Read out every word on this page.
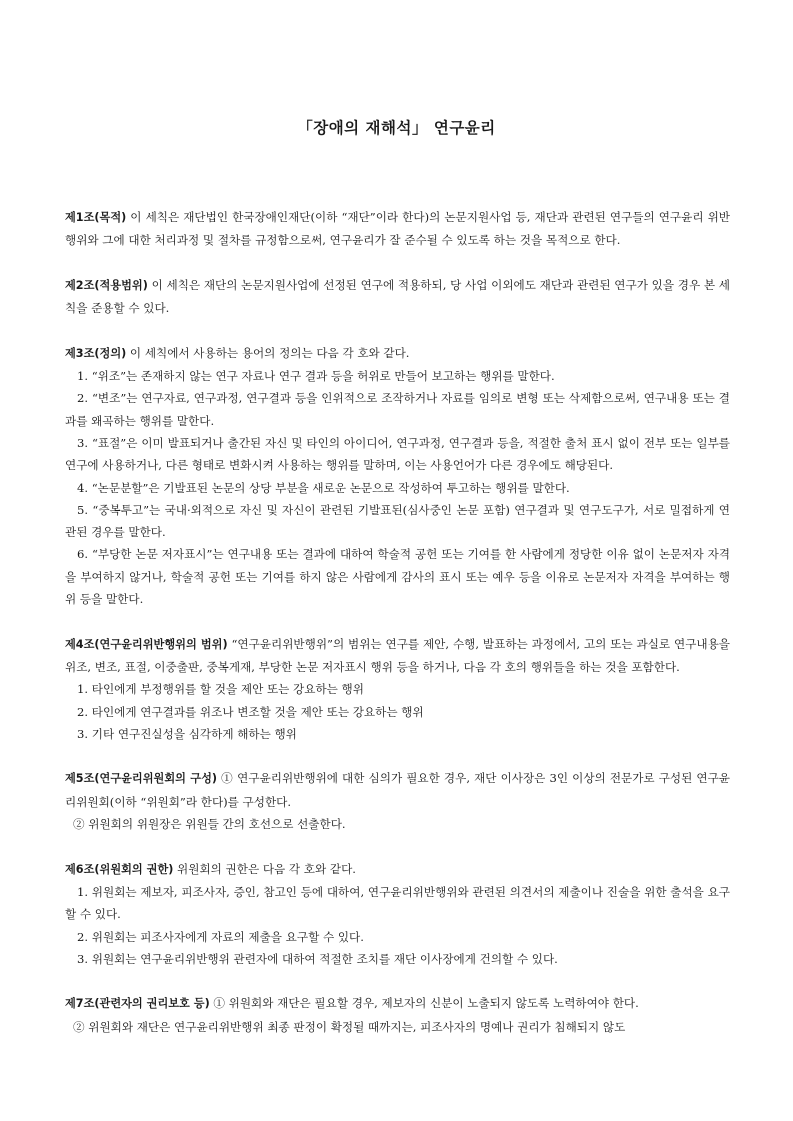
「장애의 재해석」 연구윤리

제1조(목적) 이 세칙은 재단법인 한국장애인재단(이하 “재단”이라 한다)의 논문지원사업 등, 재단과 관련된 연구들의 연구윤리 위반 행위와 그에 대한 처리과정 및 절차를 규정함으로써, 연구윤리가 잘 준수될 수 있도록 하는 것을 목적으로 한다.

제2조(적용범위) 이 세칙은 재단의 논문지원사업에 선정된 연구에 적용하되, 당 사업 이외에도 재단과 관련된 연구가 있을 경우 본 세칙을 준용할 수 있다.

제3조(정의) 이 세칙에서 사용하는 용어의 정의는 다음 각 호와 같다.

1. “위조”는 존재하지 않는 연구 자료나 연구 결과 등을 허위로 만들어 보고하는 행위를 말한다.

2. “변조”는 연구자료, 연구과정, 연구결과 등을 인위적으로 조작하거나 자료를 임의로 변형 또는 삭제함으로써, 연구내용 또는 결과를 왜곡하는 행위를 말한다.

3. “표절”은 이미 발표되거나 출간된 자신 및 타인의 아이디어, 연구과정, 연구결과 등을, 적절한 출처 표시 없이 전부 또는 일부를 연구에 사용하거나, 다른 형태로 변화시켜 사용하는 행위를 말하며, 이는 사용언어가 다른 경우에도 해당된다.

4. “논문분할”은 기발표된 논문의 상당 부분을 새로운 논문으로 작성하여 투고하는 행위를 말한다.

5. “중복투고”는 국내·외적으로 자신 및 자신이 관련된 기발표된(심사중인 논문 포함) 연구결과 및 연구도구가, 서로 밀접하게 연관된 경우를 말한다.

6. “부당한 논문 저자표시”는 연구내용 또는 결과에 대하여 학술적 공헌 또는 기여를 한 사람에게 정당한 이유 없이 논문저자 자격을 부여하지 않거나, 학술적 공헌 또는 기여를 하지 않은 사람에게 감사의 표시 또는 예우 등을 이유로 논문저자 자격을 부여하는 행위 등을 말한다.

제4조(연구윤리위반행위의 범위) “연구윤리위반행위”의 범위는 연구를 제안, 수행, 발표하는 과정에서, 고의 또는 과실로 연구내용을 위조, 변조, 표절, 이중출판, 중복게재, 부당한 논문 저자표시 행위 등을 하거나, 다음 각 호의 행위들을 하는 것을 포함한다.

1. 타인에게 부정행위를 할 것을 제안 또는 강요하는 행위

2. 타인에게 연구결과를 위조나 변조할 것을 제안 또는 강요하는 행위

3. 기타 연구진실성을 심각하게 해하는 행위

제5조(연구윤리위원회의 구성) ① 연구윤리위반행위에 대한 심의가 필요한 경우, 재단 이사장은 3인 이상의 전문가로 구성된 연구윤리위원회(이하 “위원회”라 한다)를 구성한다.

② 위원회의 위원장은 위원들 간의 호선으로 선출한다.

제6조(위원회의 권한) 위원회의 권한은 다음 각 호와 같다.

1. 위원회는 제보자, 피조사자, 증인, 참고인 등에 대하여, 연구윤리위반행위와 관련된 의견서의 제출이나 진술을 위한 출석을 요구할 수 있다.

2. 위원회는 피조사자에게 자료의 제출을 요구할 수 있다.

3. 위원회는 연구윤리위반행위 관련자에 대하여 적절한 조치를 재단 이사장에게 건의할 수 있다.

제7조(관련자의 권리보호 등) ① 위원회와 재단은 필요할 경우, 제보자의 신분이 노출되지 않도록 노력하여야 한다.

② 위원회와 재단은 연구윤리위반행위 최종 판정이 확정될 때까지는, 피조사자의 명예나 권리가 침해되지 않도
